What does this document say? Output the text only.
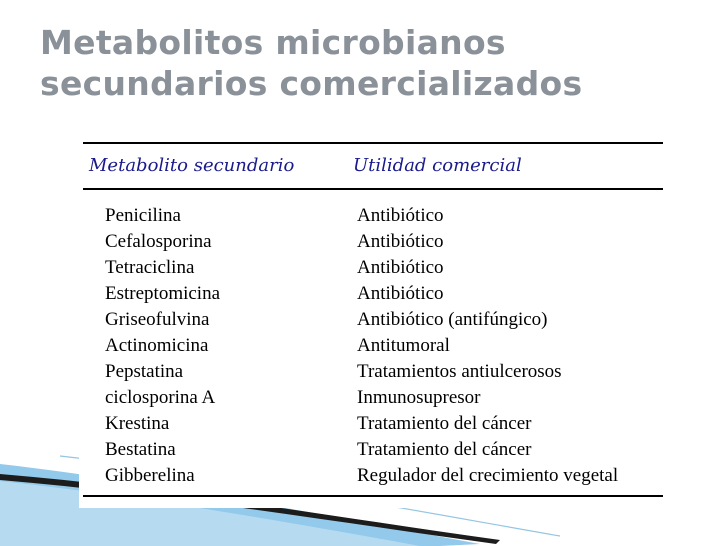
Metabolitos microbianos
secundarios comercializados
Metabolito secundario	Utilidad comercial
Penicilina	Antibiótico
Cefalosporina	Antibiótico
Tetraciclina	Antibiótico
Estreptomicina	Antibiótico
Griseofulvina	Antibiótico (antifúngico)
Actinomicina	Antitumoral
Pepstatina	Tratamientos antiulcerosos
ciclosporina A	Inmunosupresor
Krestina	Tratamiento del cáncer
Bestatina	Tratamiento del cáncer
Gibberelina	Regulador del crecimiento vegetal
